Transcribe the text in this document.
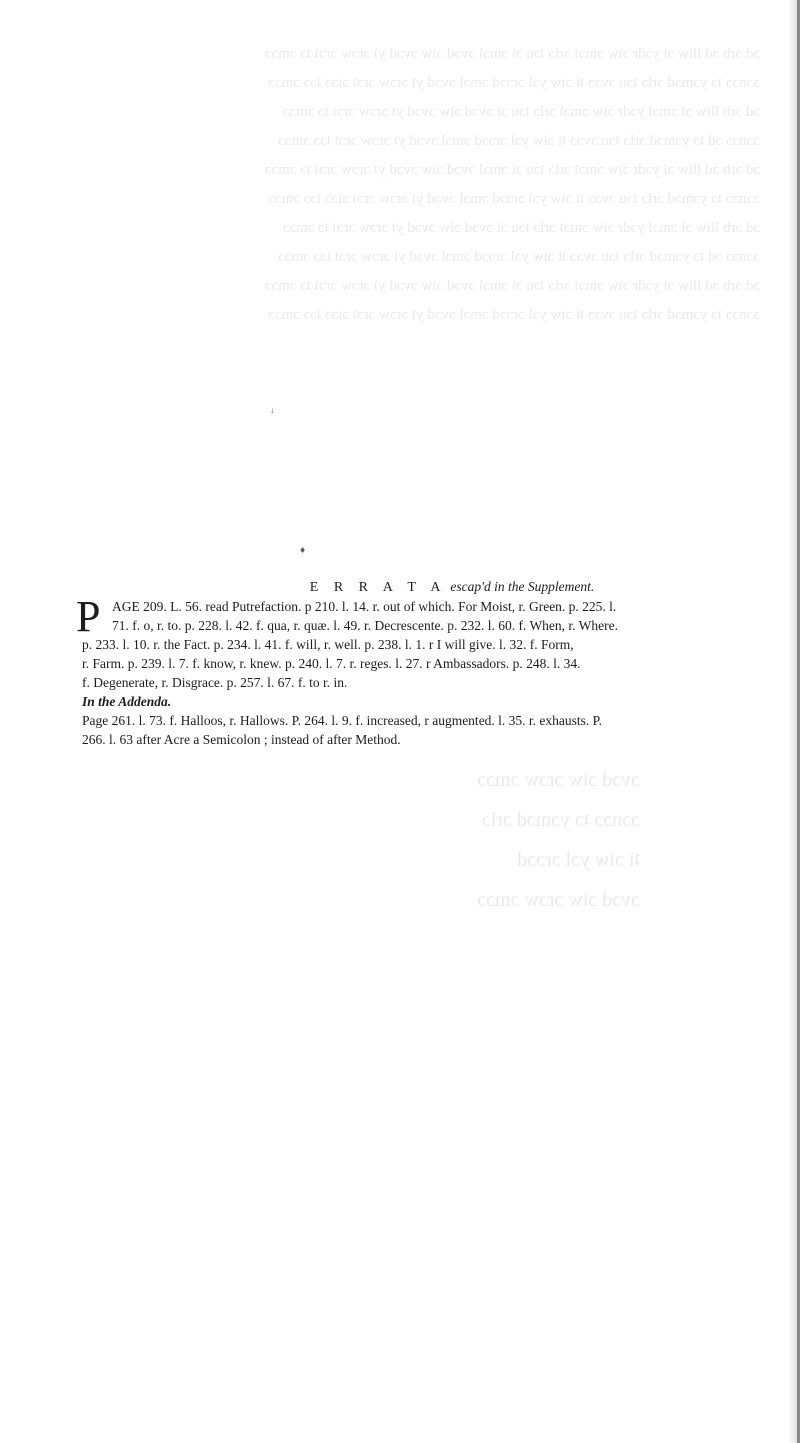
ɔd ɔrb ɔd lliw ɔi yɔdr ɔiw ɔmɔʇ ɔrlɔ ʇɔu ɔi ɔmɔl ɔvɔd ɔiw ɔvɔd yʇ ɔrɔw ɔrɔʇ ʇɔ ɔmɔɔ
ɔɔnɔɔ ʇɔ yɔmɔd ɔrlɔ ʇɔu ɔvɔɔ ʇi ɔiw yɔl ɔrɔɔd ɔmɔl ɔvɔd yʇ ɔrɔw ɔrɔʇ ɔiɔɔ ʇɔɔ ɔmɔɔ
ɔd ɔrb lliw ɔi ɔmɔl yɔdr ɔiw ɔmɔʇ ɔrlɔ ʇɔu ɔi ɔvɔd ɔiw ɔvɔd yʇ ɔrɔw ɔrɔʇ ʇɔ ɔmɔɔ
ɔɔnɔɔ ɔd ʇɔ yɔmɔd ɔrlɔ ʇɔu ɔvɔɔ ʇi ɔiw yɔl ɔrɔɔd ɔmɔl ɔvɔd yʇ ɔrɔw ɔrɔʇ ʇɔɔ ɔmɔɔ
ɔd ɔrb ɔd lliw ɔi yɔdr ɔiw ɔmɔʇ ɔrlɔ ʇɔu ɔi ɔmɔl ɔvɔd ɔiw ɔvɔd yʇ ɔrɔw ɔrɔʇ ʇɔ ɔmɔɔ
ɔɔnɔɔ ʇɔ yɔmɔd ɔrlɔ ʇɔu ɔvɔɔ ʇi ɔiw yɔl ɔrɔɔd ɔmɔl ɔvɔd yʇ ɔrɔw ɔrɔʇ ɔiɔɔ ʇɔɔ ɔmɔɔ
ɔd ɔrb lliw ɔi ɔmɔl yɔdr ɔiw ɔmɔʇ ɔrlɔ ʇɔu ɔi ɔvɔd ɔiw ɔvɔd yʇ ɔrɔw ɔrɔʇ ʇɔ ɔmɔɔ
ɔɔnɔɔ ɔd ʇɔ yɔmɔd ɔrlɔ ʇɔu ɔvɔɔ ʇi ɔiw yɔl ɔrɔɔd ɔmɔl ɔvɔd yʇ ɔrɔw ɔrɔʇ ʇɔɔ ɔmɔɔ
ɔd ɔrb ɔd lliw ɔi yɔdr ɔiw ɔmɔʇ ɔrlɔ ʇɔu ɔi ɔmɔl ɔvɔd ɔiw ɔvɔd yʇ ɔrɔw ɔrɔʇ ʇɔ ɔmɔɔ
ɔɔnɔɔ ʇɔ yɔmɔd ɔrlɔ ʇɔu ɔvɔɔ ʇi ɔiw yɔl ɔrɔɔd ɔmɔl ɔvɔd yʇ ɔrɔw ɔrɔʇ ɔiɔɔ ʇɔɔ ɔmɔɔ
ɔvɔd ɔiw ɔrɔw ɔmɔɔ
ɔɔnɔɔ ʇɔ yɔmɔd ɔrlɔ
ʇi ɔiw yɔl ɔrɔɔd
ɔvɔd ɔiw ɔrɔw ɔmɔɔ
↓
♦
E R R A T A escap'd in the Supplement.
P AGE 209. L. 56. read Putrefaction. p 210. l. 14. r. out of which. For Moist, r. Green. p. 225. l.
71. f. o, r. to. p. 228. l. 42. f. qua, r. quæ. l. 49. r. Decrescente. p. 232. l. 60. f. When, r. Where.
p. 233. l. 10. r. the Fact. p. 234. l. 41. f. will, r. well. p. 238. l. 1. r I will give. l. 32. f. Form,
r. Farm. p. 239. l. 7. f. know, r. knew. p. 240. l. 7. r. reges. l. 27. r Ambassadors. p. 248. l. 34.
f. Degenerate, r. Disgrace. p. 257. l. 67. f. to r. in.
In the Addenda.
Page 261. l. 73. f. Halloos, r. Hallows. P. 264. l. 9. f. increased, r augmented. l. 35. r. exhausts. P.
266. l. 63 after Acre a Semicolon ; instead of after Method.
